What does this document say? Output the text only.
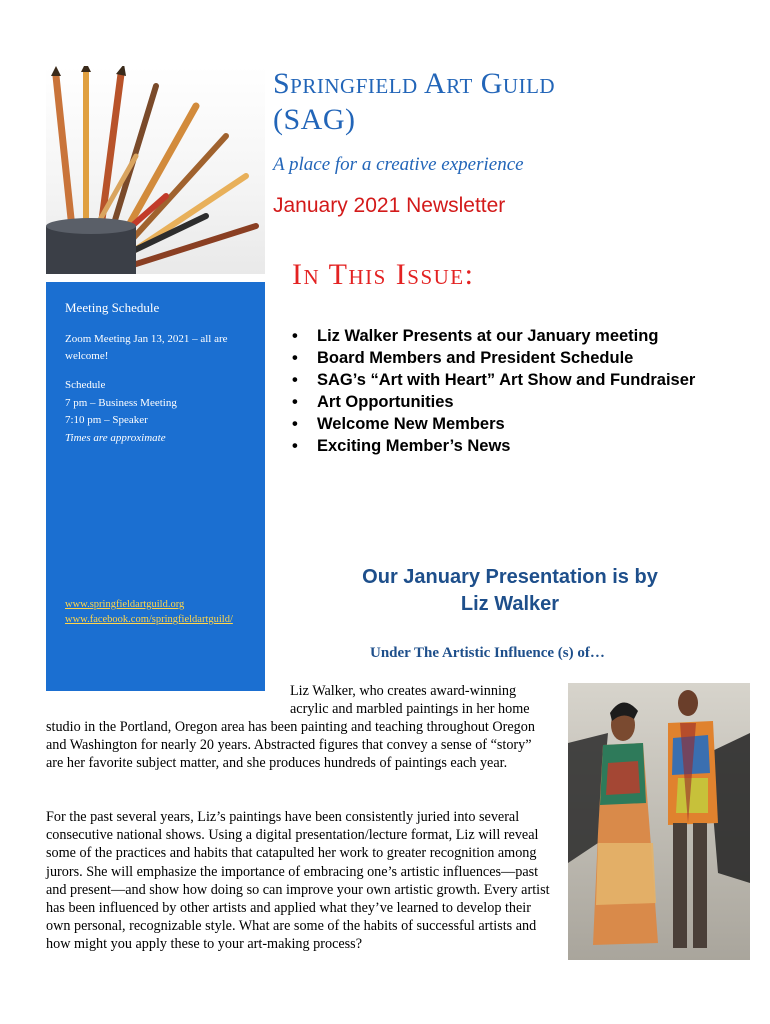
Meeting Schedule
Zoom Meeting Jan 13, 2021 – all are welcome!
Schedule
7 pm – Business Meeting
7:10 pm – Speaker
Times are approximate
www.springfieldartguild.org
www.facebook.com/springfieldartguild/
Springfield Art Guild (SAG)
A place for a creative experience
January 2021 Newsletter
In This Issue:
• Liz Walker Presents at our January meeting
• Board Members and President Schedule
• SAG’s “Art with Heart” Art Show and Fundraiser
• Art Opportunities
• Welcome New Members
• Exciting Member’s News
Our January Presentation is by
Liz Walker
Under The Artistic Influence (s) of…
Liz Walker, who creates award-winning acrylic and marbled paintings in her home
studio in the Portland, Oregon area has been painting and teaching throughout Oregon and Washington for nearly 20 years. Abstracted figures that convey a sense of “story” are her favorite subject matter, and she produces hundreds of paintings each year.
For the past several years, Liz’s paintings have been consistently juried into several consecutive national shows. Using a digital presentation/lecture format, Liz will reveal some of the practices and habits that catapulted her work to greater recognition among jurors. She will emphasize the importance of embracing one’s artistic influences—past and present—and show how doing so can improve your own artistic growth. Every artist has been influenced by other artists and applied what they’ve learned to develop their own personal, recognizable style. What are some of the habits of successful artists and how might you apply these to your art-making process?
